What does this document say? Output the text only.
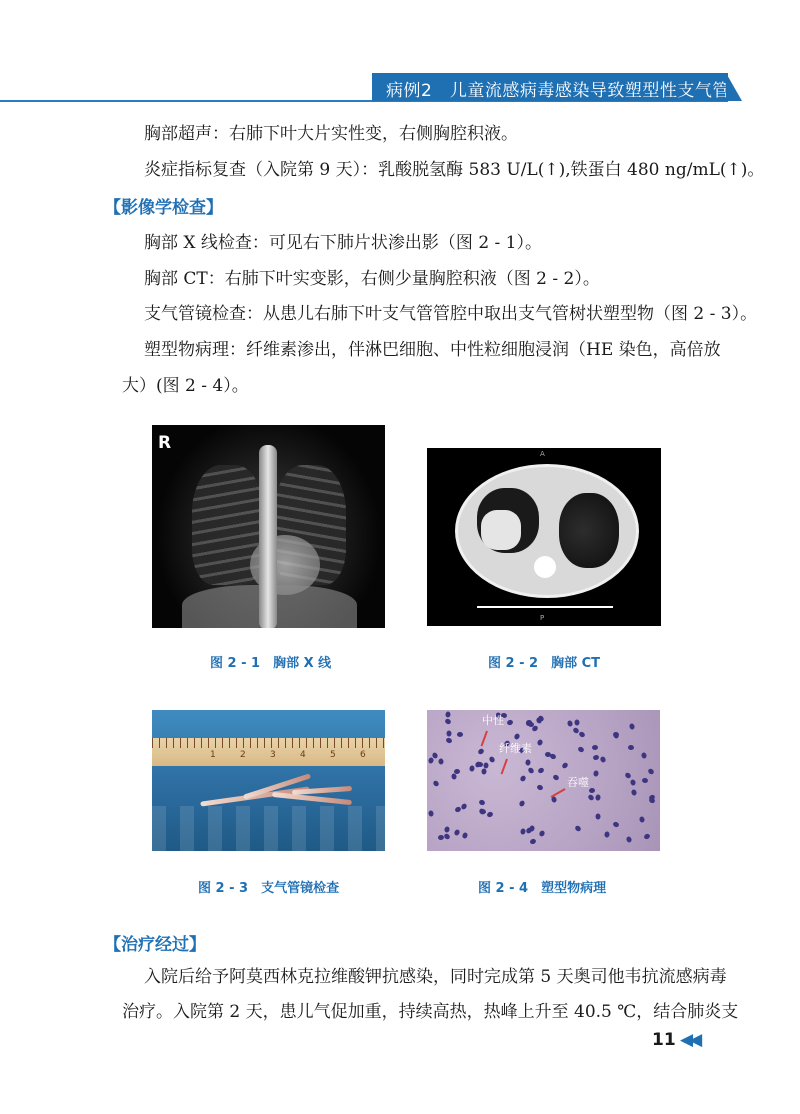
病例2　儿童流感病毒感染导致塑型性支气管炎
胸部超声：右肺下叶大片实性变，右侧胸腔积液。
炎症指标复查（入院第 9 天）：乳酸脱氢酶 583 U/L(↑),铁蛋白 480 ng/mL(↑)。
【影像学检查】
胸部 X 线检查：可见右下肺片状渗出影（图 2 - 1）。
胸部 CT：右肺下叶实变影，右侧少量胸腔积液（图 2 - 2）。
支气管镜检查：从患儿右肺下叶支气管管腔中取出支气管树状塑型物（图 2 - 3）。
塑型物病理：纤维素渗出，伴淋巴细胞、中性粒细胞浸润（HE 染色，高倍放
大）(图 2 - 4）。
R
图 2 - 1　胸部 X 线
A
P
图 2 - 2　胸部 CT
1	2	3	4	5	6
图 2 - 3　支气管镜检查
中性
纤维素
吞噬
图 2 - 4　塑型物病理
【治疗经过】
入院后给予阿莫西林克拉维酸钾抗感染，同时完成第 5 天奥司他韦抗流感病毒
治疗。入院第 2 天，患儿气促加重，持续高热，热峰上升至 40.5 ℃，结合肺炎支
11 ◀◀
